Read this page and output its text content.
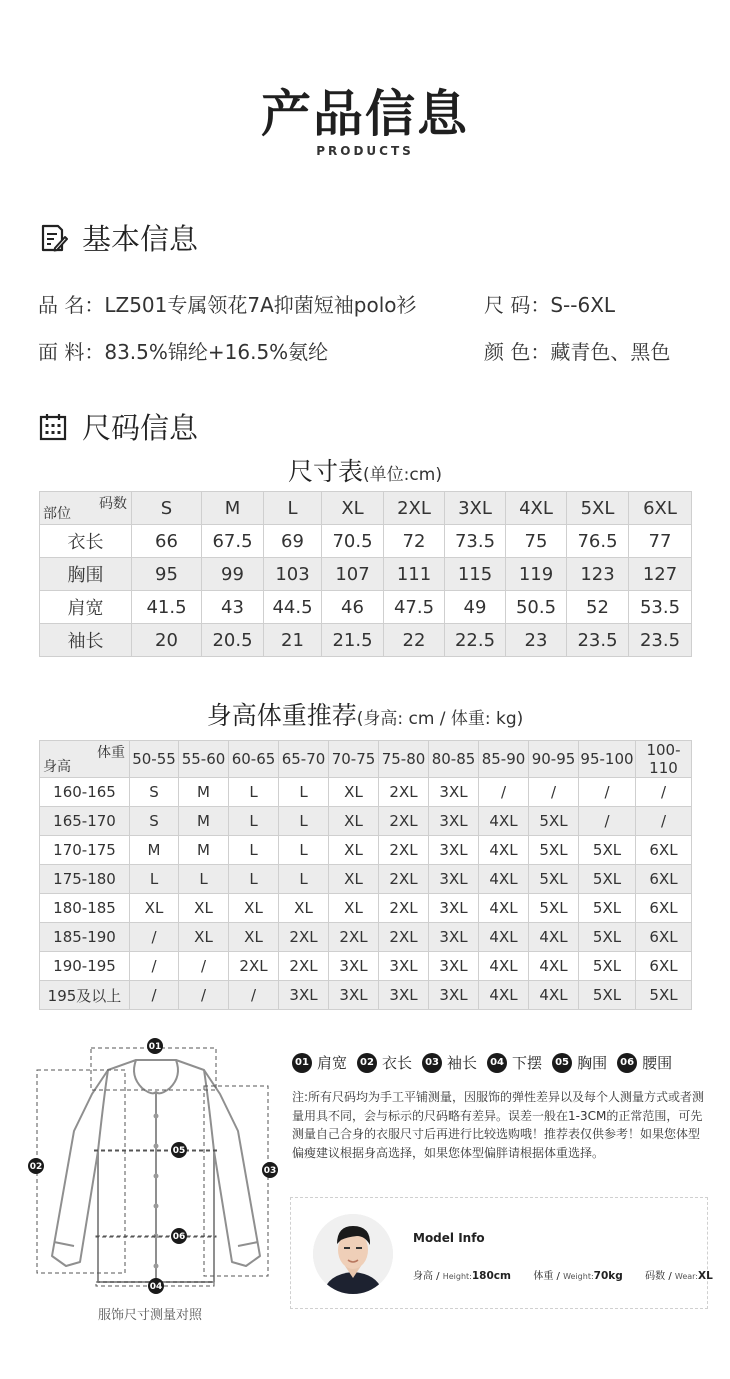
产品信息
PRODUCTS
基本信息
品 名：LZ501专属领花7A抑菌短袖polo衫	尺 码：S--6XL
面 料：83.5%锦纶+16.5%氨纶	颜 色：藏青色、黑色
尺码信息
尺寸表(单位:cm)
码数
部位	S	M	L	XL	2XL	3XL	4XL	5XL	6XL
衣长	66	67.5	69	70.5	72	73.5	75	76.5	77
胸围	95	99	103	107	111	115	119	123	127
肩宽	41.5	43	44.5	46	47.5	49	50.5	52	53.5
袖长	20	20.5	21	21.5	22	22.5	23	23.5	23.5
身高体重推荐(身高: cm / 体重: kg)
体重
身高	50-55	55-60	60-65	65-70	70-75	75-80	80-85	85-90	90-95	95-100	100-110
160-165	S	M	L	L	XL	2XL	3XL	/	/	/	/
165-170	S	M	L	L	XL	2XL	3XL	4XL	5XL	/	/
170-175	M	M	L	L	XL	2XL	3XL	4XL	5XL	5XL	6XL
175-180	L	L	L	L	XL	2XL	3XL	4XL	5XL	5XL	6XL
180-185	XL	XL	XL	XL	XL	2XL	3XL	4XL	5XL	5XL	6XL
185-190	/	XL	XL	2XL	2XL	2XL	3XL	4XL	4XL	5XL	6XL
190-195	/	/	2XL	2XL	3XL	3XL	3XL	4XL	4XL	5XL	6XL
195及以上	/	/	/	3XL	3XL	3XL	3XL	4XL	4XL	5XL	5XL
01
02	03
04
05
06
服饰尺寸测量对照
01 肩宽	02 衣长	03 袖长	04 下摆	05 胸围	06 腰围
注:所有尺码均为手工平铺测量，因服饰的弹性差异以及每个人测量方式或者测量用具不同，会与标示的尺码略有差异。误差一般在1-3CM的正常范围，可先测量自己合身的衣服尺寸后再进行比较选购哦！推荐表仅供参考！如果您体型偏瘦建议根据身高选择，如果您体型偏胖请根据体重选择。
Model Info
身高 / Height:180cm 体重 / Weight:70kg 码数 / Wear:XL
